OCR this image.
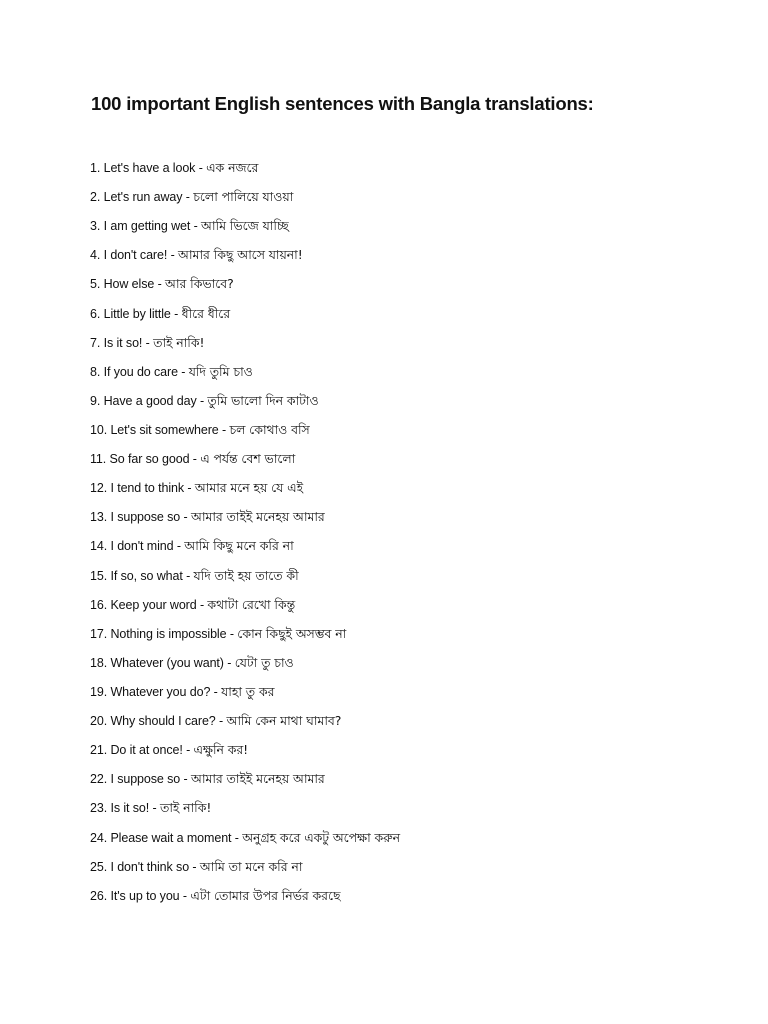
100 important English sentences with Bangla translations:
1. Let's have a look - এক নজরে
2. Let's run away - চলো পালিয়ে যাওয়া
3. I am getting wet - আমি ভিজে যাচ্ছি
4. I don't care! - আমার কিছু আসে যায়না!
5. How else - আর কিভাবে?
6. Little by little - ধীরে ধীরে
7. Is it so! - তাই নাকি!
8. If you do care - যদি তুমি চাও
9. Have a good day - তুমি ভালো দিন কাটাও
10. Let's sit somewhere - চল কোথাও বসি
11. So far so good - এ পর্যন্ত বেশ ভালো
12. I tend to think - আমার মনে হয় যে এই
13. I suppose so - আমার তাইই মনেহয় আমার
14. I don't mind - আমি কিছু মনে করি না
15. If so, so what - যদি তাই হয় তাতে কী
16. Keep your word - কথাটা রেখো কিন্তু
17. Nothing is impossible - কোন কিছুই অসম্ভব না
18. Whatever (you want) - যেটা তু চাও
19. Whatever you do? - যাহা তু কর
20. Why should I care? - আমি কেন মাথা ঘামাব?
21. Do it at once! - এক্ষুনি কর!
22. I suppose so - আমার তাইই মনেহয় আমার
23. Is it so! - তাই নাকি!
24. Please wait a moment - অনুগ্রহ করে একটু অপেক্ষা করুন
25. I don't think so - আমি তা মনে করি না
26. It's up to you - এটা তোমার উপর নির্ভর করছে
